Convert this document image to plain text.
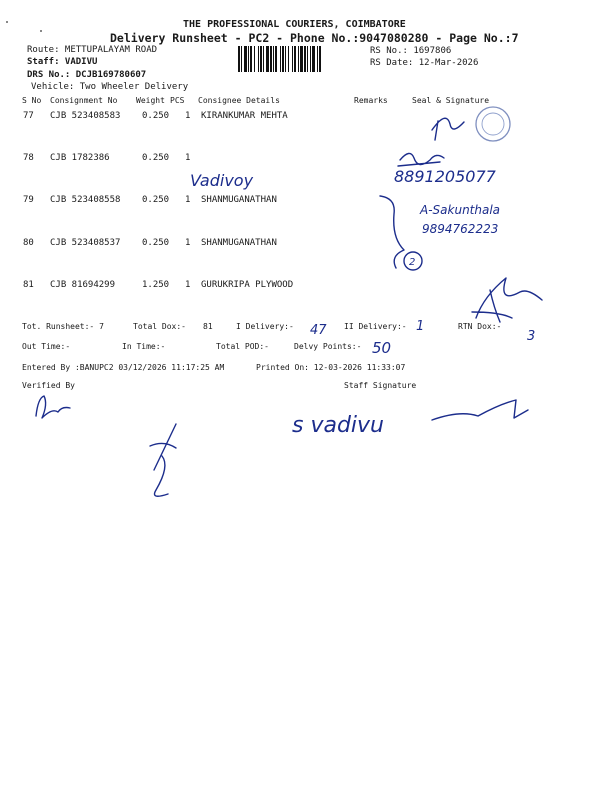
THE PROFESSIONAL COURIERS, COIMBATORE
Delivery Runsheet - PC2 - Phone No.:9047080280 - Page No.:7
Route: METTUPALAYAM ROAD
Staff: VADIVU
DRS No.: DCJB169780607
Vehicle: Two Wheeler Delivery
RS No.: 1697806
RS Date: 12-Mar-2026
S No Consignment No Weight PCS Consignee Details	Remarks	Seal & Signature
77 CJB 523408583 0.250 1 KIRANKUMAR MEHTA
78 CJB 1782386	0.250 1
79 CJB 523408558 0.250 1 SHANMUGANATHAN
80 CJB 523408537 0.250 1 SHANMUGANATHAN
81 CJB 81694299	1.250 1 GURUKRIPA PLYWOOD
Tot. Runsheet:- 7	Total Dox:- 81	I Delivery:-	II Delivery:-	RTN Dox:-
Out Time:-	In Time:-	Total POD:-	Delvy Points:-
Entered By :BANUPC2 03/12/2026 11:17:25 AM	Printed On: 12-03-2026 11:33:07
Verified By	Staff Signature
Vadivoy	8891205077
2
A-Sakunthala
9894762223
47	1
3
50
s vadivu
